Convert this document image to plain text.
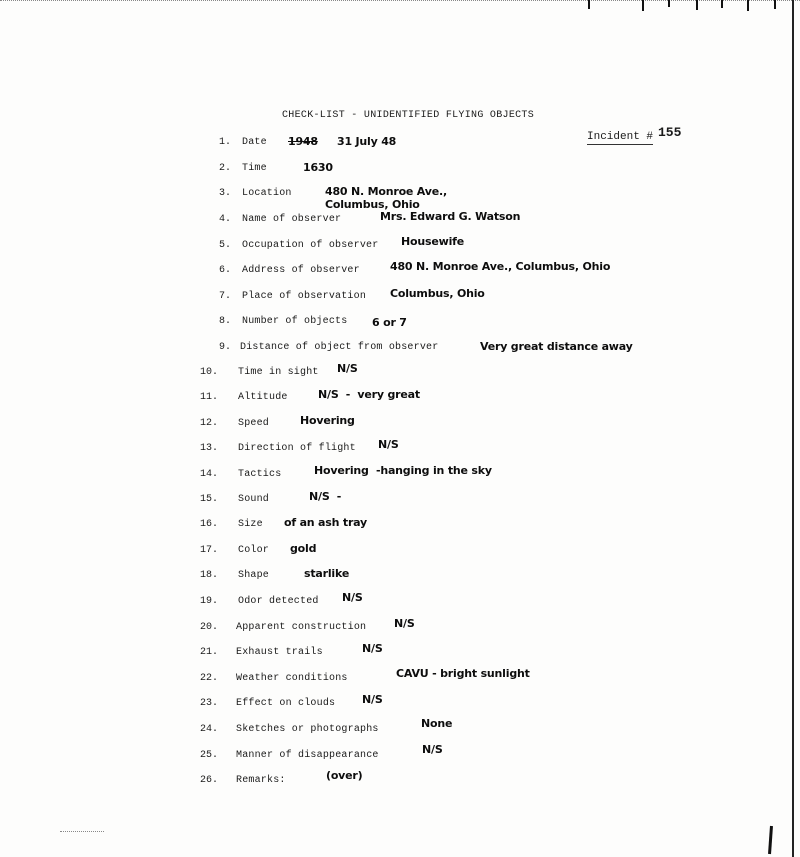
CHECK-LIST - UNIDENTIFIED FLYING OBJECTS
Incident # 155
1. Date 1948 31 July 48
2. Time	1630
3. Location	480 N. Monroe Ave.,
Columbus, Ohio
4. Name of observer	Mrs. Edward G. Watson
5. Occupation of observer Housewife
6. Address of observer	480 N. Monroe Ave., Columbus, Ohio
7. Place of observation Columbus, Ohio
8. Number of objects 6 or 7
9. Distance of object from observer	Very great distance away
10. Time in sight N/S
11. Altitude	N/S  -  very great
12. Speed	Hovering
13. Direction of flight N/S
14. Tactics	Hovering  -hanging in the sky
15. Sound	N/S  -
16. Size of an ash tray
17. Color gold
18. Shape	starlike
19. Odor detected N/S
20. Apparent construction	N/S
21. Exhaust trails	N/S
22. Weather conditions	CAVU - bright sunlight
23. Effect on clouds N/S
24. Sketches or photographs	None
25. Manner of disappearance	N/S
26. Remarks:	(over)
